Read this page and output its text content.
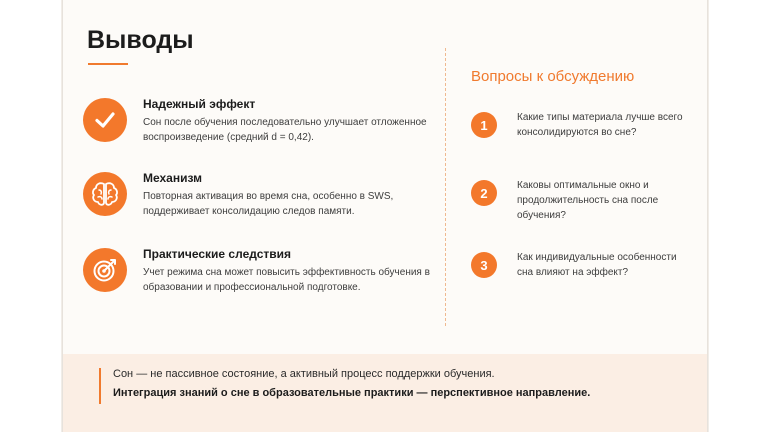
Выводы
Надежный эффект
Сон после обучения последовательно улучшает отложенное воспроизведение (средний d = 0,42).
Механизм
Повторная активация во время сна, особенно в SWS, поддерживает консолидацию следов памяти.
Практические следствия
Учет режима сна может повысить эффективность обучения в образовании и профессиональной подготовке.
Вопросы к обсуждению
1	Какие типы материала лучше всего консолидируются во сне?
2	Каковы оптимальные окно и продолжительность сна после обучения?
3	Как индивидуальные особенности сна влияют на эффект?
Сон — не пассивное состояние, а активный процесс поддержки обучения.
Интеграция знаний о сне в образовательные практики — перспективное направление.
